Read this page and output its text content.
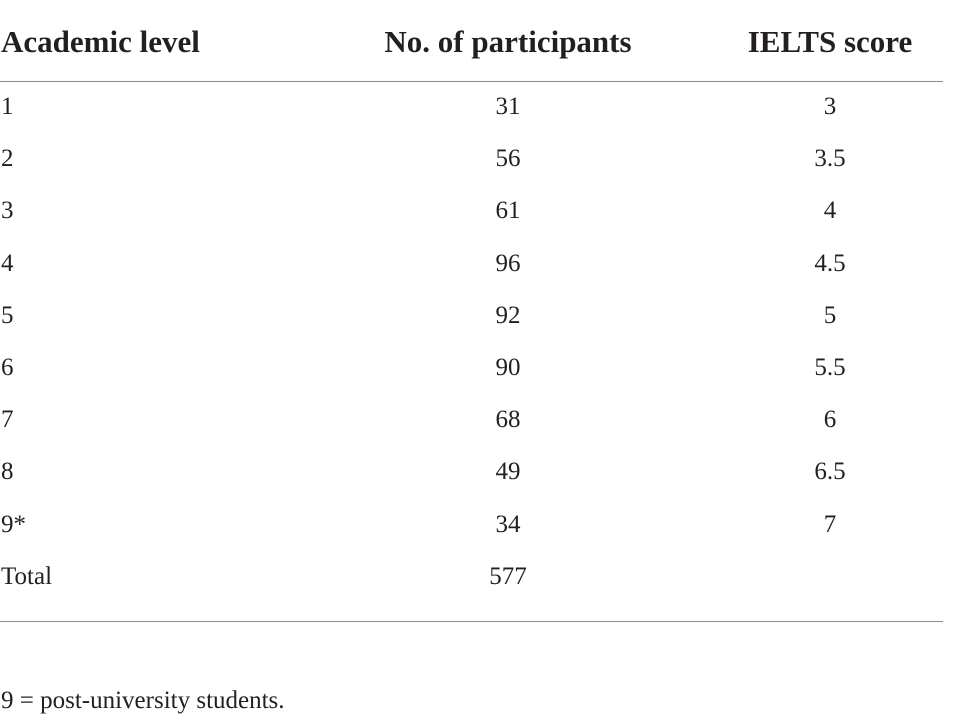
Academic level	No. of participants	IELTS score
1	31	3
2	56	3.5
3	61	4
4	96	4.5
5	92	5
6	90	5.5
7	68	6
8	49	6.5
9*	34	7
Total	577
9 = post-university students.
